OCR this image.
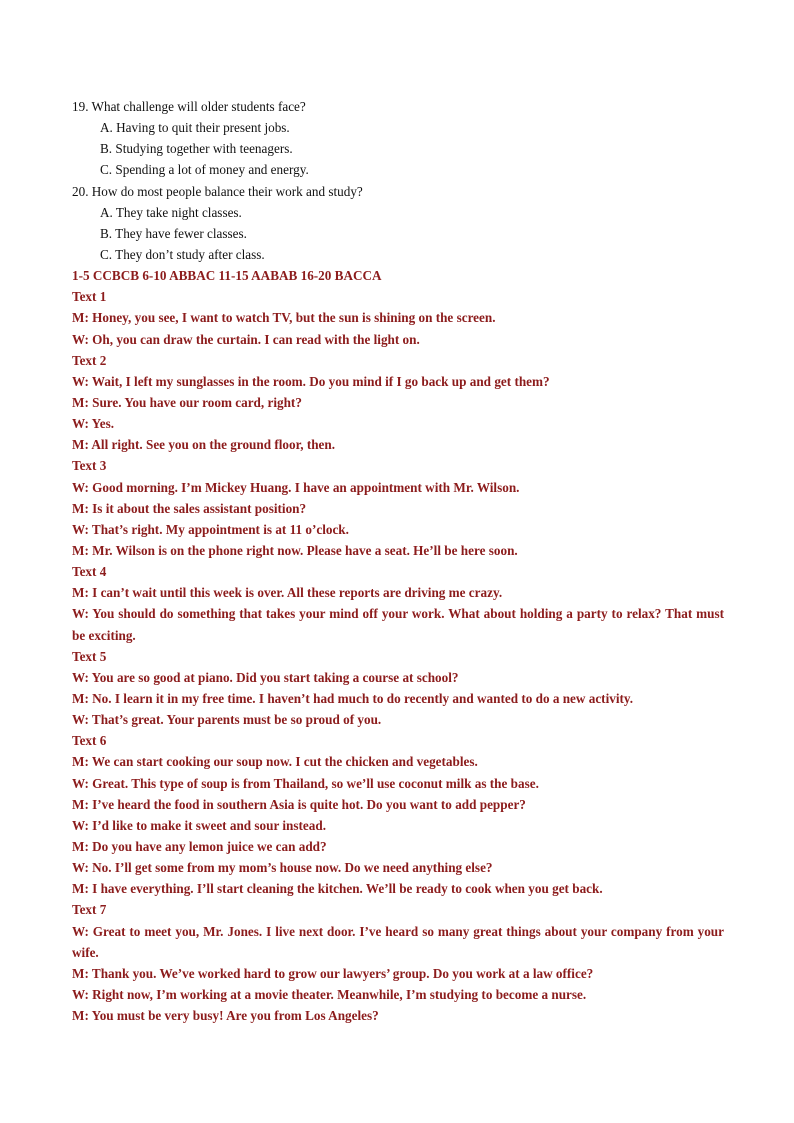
19. What challenge will older students face?
A. Having to quit their present jobs.
B. Studying together with teenagers.
C. Spending a lot of money and energy.
20. How do most people balance their work and study?
A. They take night classes.
B. They have fewer classes.
C. They don’t study after class.
1-5 CCBCB 6-10 ABBAC 11-15 AABAB 16-20 BACCA
Text 1
M: Honey, you see, I want to watch TV, but the sun is shining on the screen.
W: Oh, you can draw the curtain. I can read with the light on.
Text 2
W: Wait, I left my sunglasses in the room. Do you mind if I go back up and get them?
M: Sure. You have our room card, right?
W: Yes.
M: All right. See you on the ground floor, then.
Text 3
W: Good morning. I’m Mickey Huang. I have an appointment with Mr. Wilson.
M: Is it about the sales assistant position?
W: That’s right. My appointment is at 11 o’clock.
M: Mr. Wilson is on the phone right now. Please have a seat. He’ll be here soon.
Text 4
M: I can’t wait until this week is over. All these reports are driving me crazy.
W: You should do something that takes your mind off your work. What about holding a party to relax? That must be exciting.
Text 5
W: You are so good at piano. Did you start taking a course at school?
M: No. I learn it in my free time. I haven’t had much to do recently and wanted to do a new activity.
W: That’s great. Your parents must be so proud of you.
Text 6
M: We can start cooking our soup now. I cut the chicken and vegetables.
W: Great. This type of soup is from Thailand, so we’ll use coconut milk as the base.
M: I’ve heard the food in southern Asia is quite hot. Do you want to add pepper?
W: I’d like to make it sweet and sour instead.
M: Do you have any lemon juice we can add?
W: No. I’ll get some from my mom’s house now. Do we need anything else?
M: I have everything. I’ll start cleaning the kitchen. We’ll be ready to cook when you get back.
Text 7
W: Great to meet you, Mr. Jones. I live next door. I’ve heard so many great things about your company from your wife.
M: Thank you. We’ve worked hard to grow our lawyers’ group. Do you work at a law office?
W: Right now, I’m working at a movie theater. Meanwhile, I’m studying to become a nurse.
M: You must be very busy! Are you from Los Angeles?
